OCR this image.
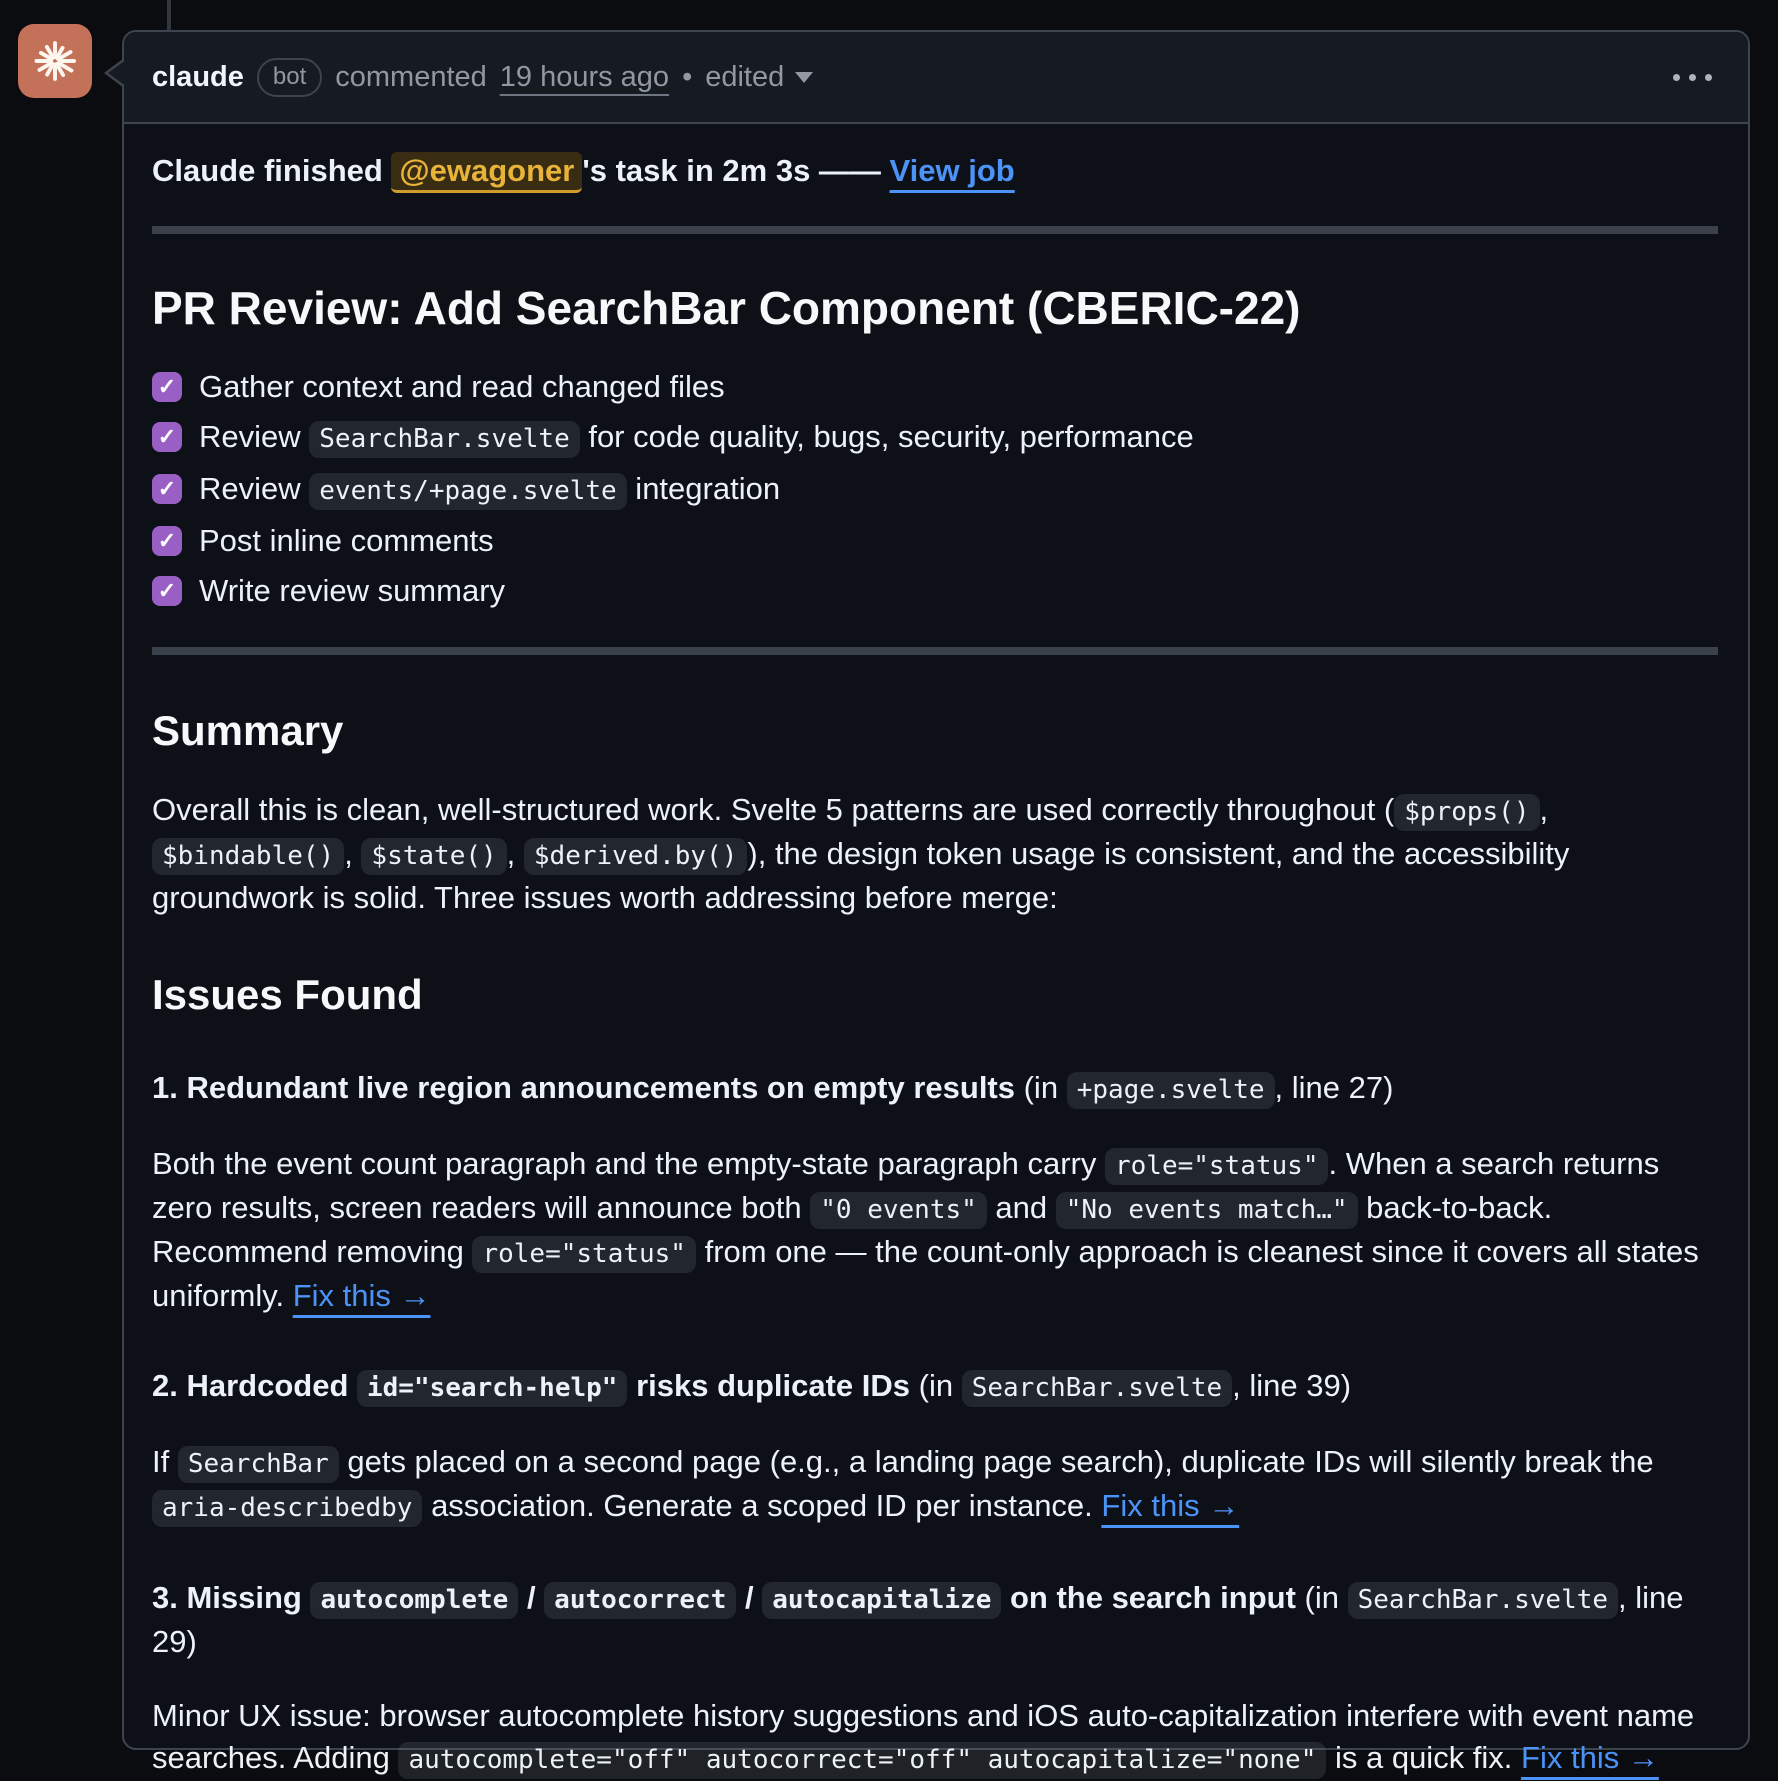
claude	bot	commented 19 hours ago • edited

Claude finished @ewagoner 's task in 2m 3s —— View job

PR Review: Add SearchBar Component (CBERIC-22)
✓ Gather context and read changed files
✓ Review SearchBar.svelte for code quality, bugs, security, performance
✓ Review events/+page.svelte integration
✓ Post inline comments
✓ Write review summary
Summary

Overall this is clean, well-structured work. Svelte 5 patterns are used correctly throughout ( $props() , $bindable() , $state() , $derived.by() ), the design token usage is consistent, and the accessibility groundwork is solid. Three issues worth addressing before merge:

Issues Found

1. Redundant live region announcements on empty results (in +page.svelte , line 27)

Both the event count paragraph and the empty-state paragraph carry role="status" . When a search returns zero results, screen readers will announce both "0 events" and "No events match…" back-to-back. Recommend removing role="status" from one — the count-only approach is cleanest since it covers all states uniformly. Fix this →

2. Hardcoded id="search-help" risks duplicate IDs (in SearchBar.svelte , line 39)

If SearchBar gets placed on a second page (e.g., a landing page search), duplicate IDs will silently break the aria-describedby association. Generate a scoped ID per instance. Fix this →

3. Missing autocomplete / autocorrect / autocapitalize on the search input (in SearchBar.svelte , line 29)

Minor UX issue: browser autocomplete history suggestions and iOS auto-capitalization interfere with event name searches. Adding autocomplete="off" autocorrect="off" autocapitalize="none" is a quick fix. Fix this →
